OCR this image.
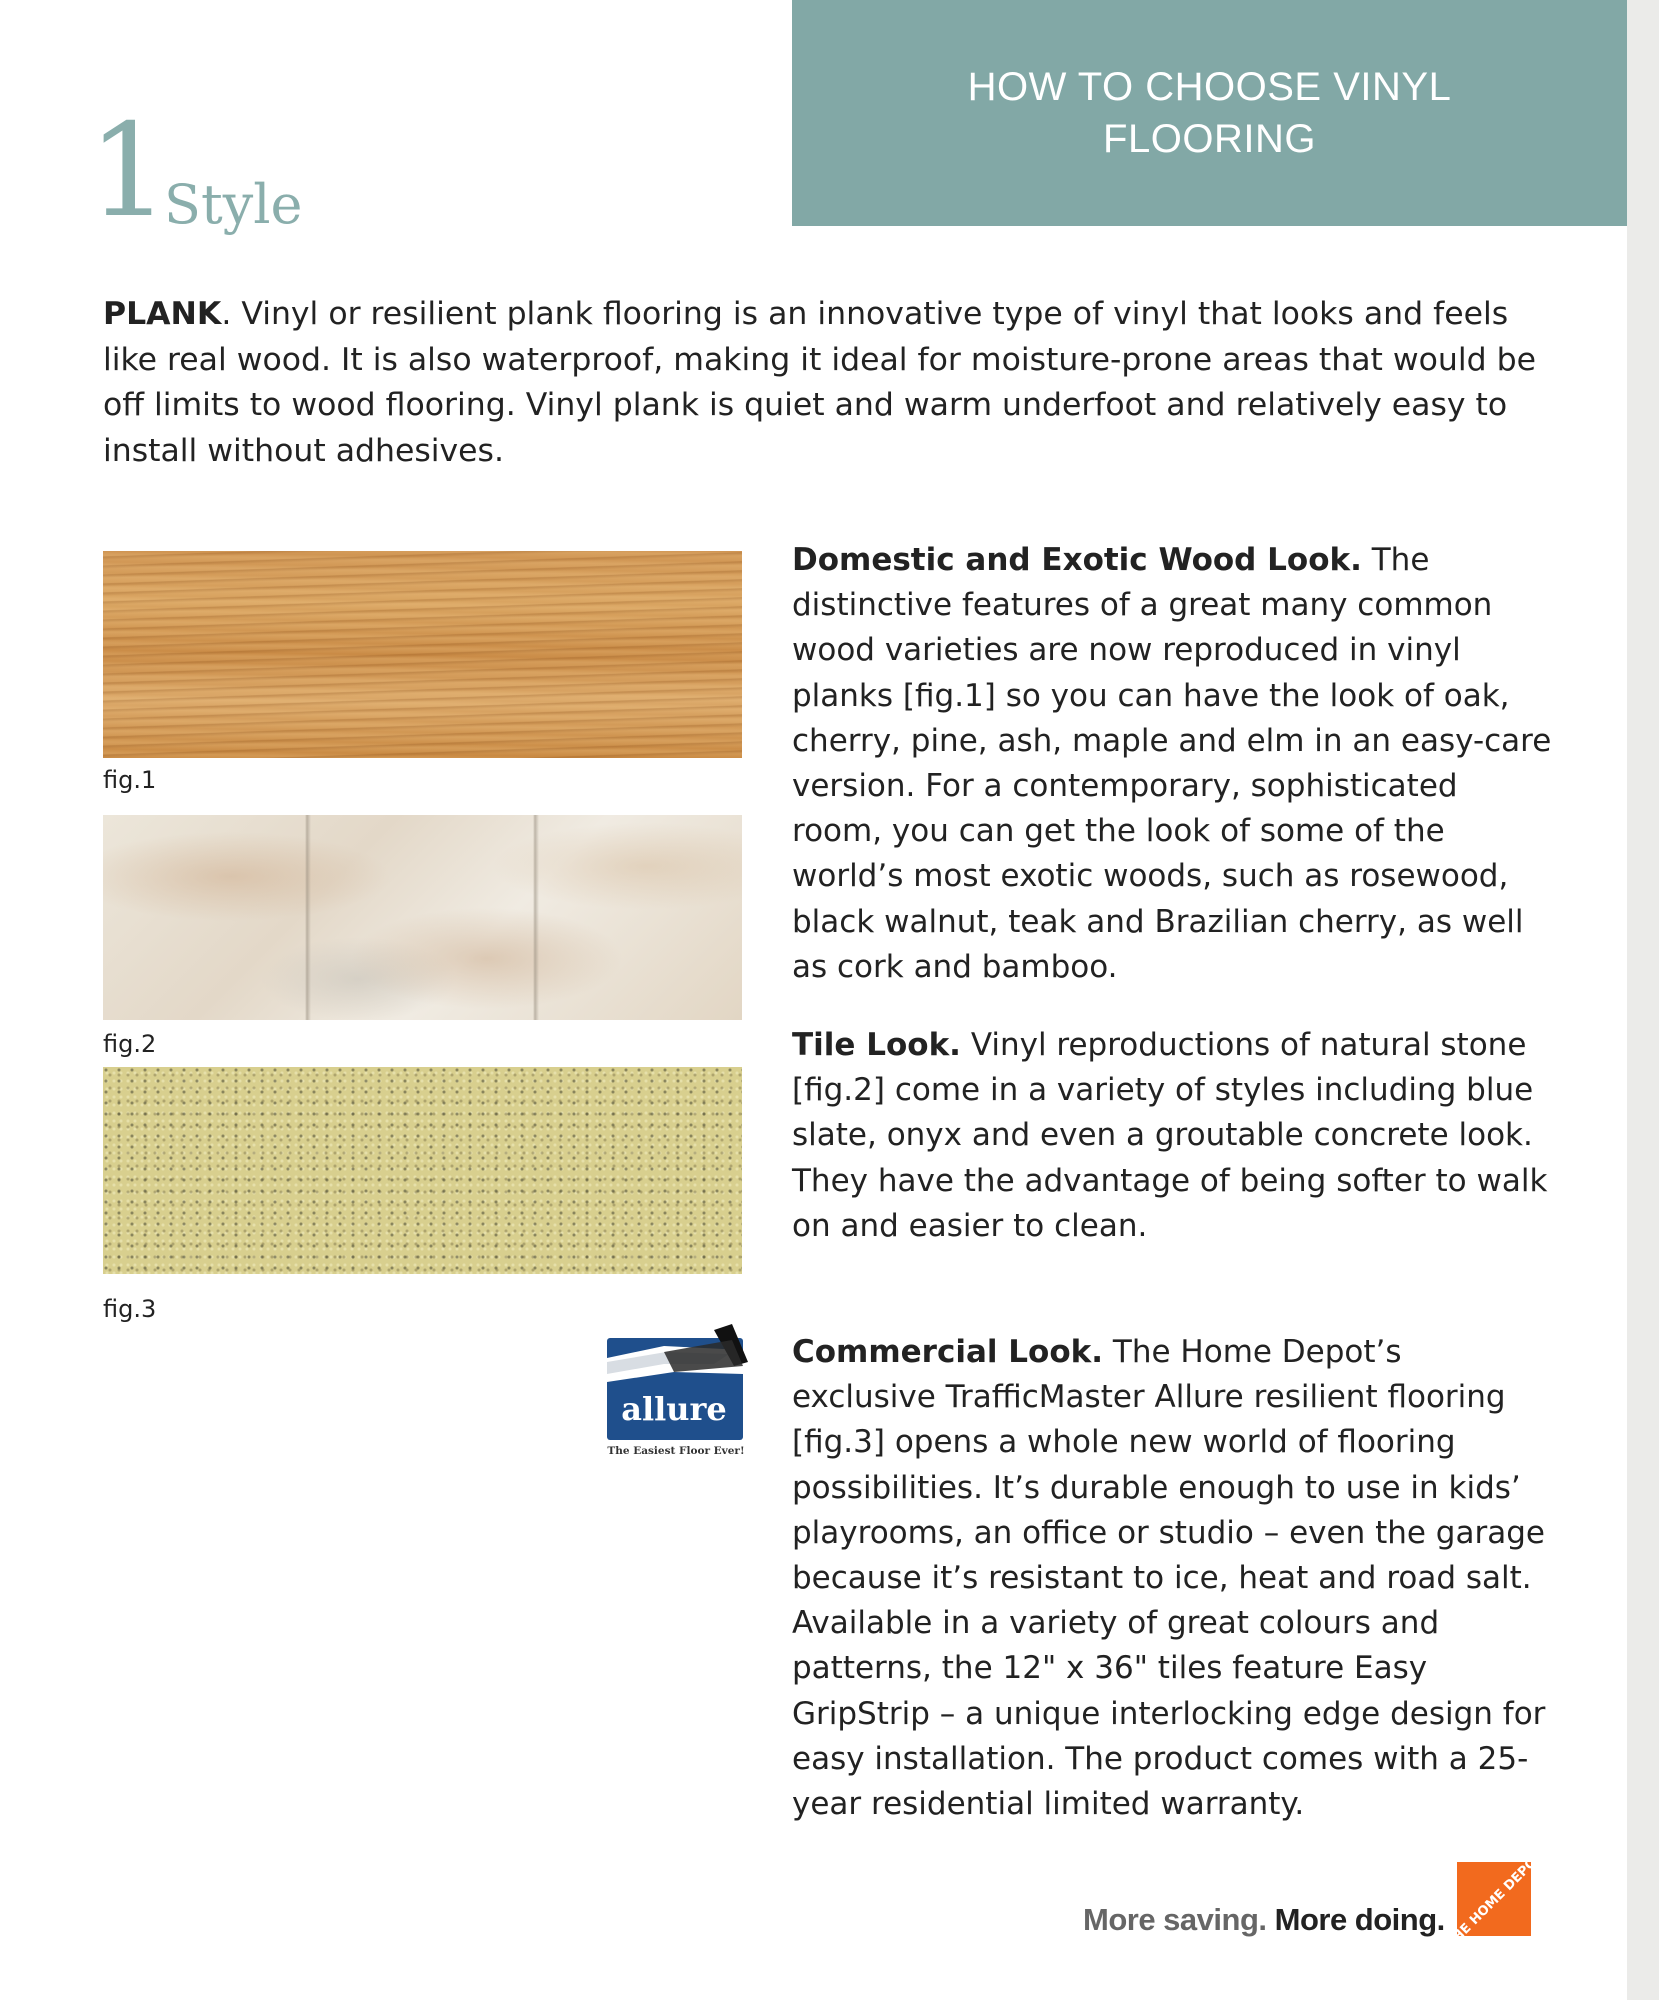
HOW TO CHOOSE VINYL FLOORING
1
Style

PLANK. Vinyl or resilient plank flooring is an innovative type of vinyl that looks and feels like real wood. It is also waterproof, making it ideal for moisture-prone areas that would be off limits to wood flooring. Vinyl plank is quiet and warm underfoot and relatively easy to install without adhesives.

fig.1
fig.2
fig.3

Domestic and Exotic Wood Look. The distinctive features of a great many common wood varieties are now reproduced in vinyl planks [fig.1] so you can have the look of oak, cherry, pine, ash, maple and elm in an easy-care version. For a contemporary, sophisticated room, you can get the look of some of the world’s most exotic woods, such as rosewood, black walnut, teak and Brazilian cherry, as well as cork and bamboo.

Tile Look. Vinyl reproductions of natural stone [fig.2] come in a variety of styles including blue slate, onyx and even a groutable concrete look. They have the advantage of being softer to walk on and easier to clean.

Commercial Look. The Home Depot’s exclusive TrafficMaster Allure resilient flooring [fig.3] opens a whole new world of flooring possibilities. It’s durable enough to use in kids’ playrooms, an office or studio – even the garage because it’s resistant to ice, heat and road salt. Available in a variety of great colours and patterns, the 12" x 36" tiles feature Easy GripStrip – a unique interlocking edge design for easy installation. The product comes with a 25-year residential limited warranty.

allure
The Easiest Floor Ever!
More saving. More doing.
THE HOME DEPOT
